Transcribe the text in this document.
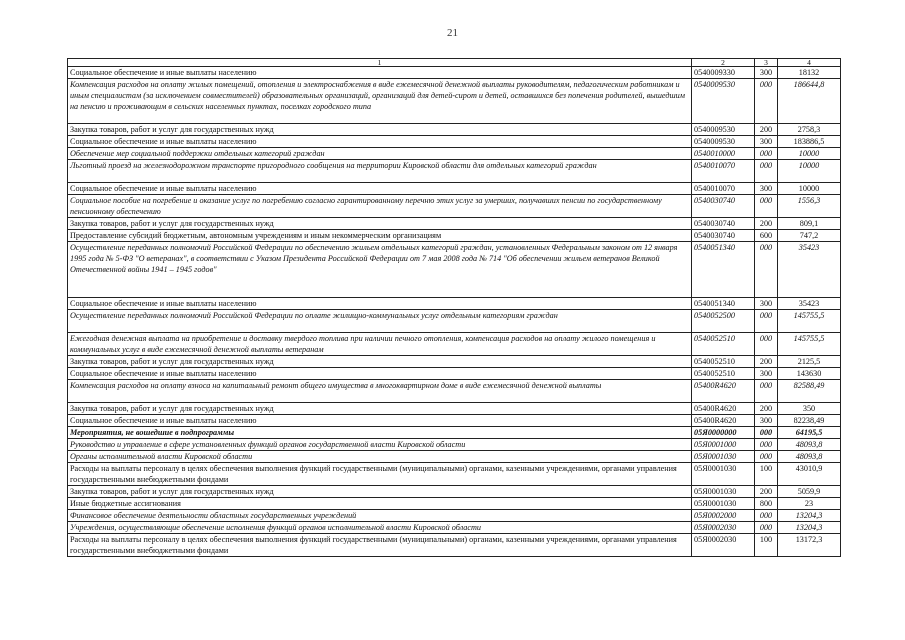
21
1	2	3	4
Социальное обеспечение и иные выплаты населению	0540009330	300	18132
Компенсация расходов на оплату жилых помещений, отопления и электроснабжения в виде ежемесячной денежной выплаты руководителям, педагогическим работникам и иным специалистам (за исключением совместителей) образовательных организаций, организаций для детей-сирот и детей, оставшихся без попечения родителей, вышедшим на пенсию и проживающим в сельских населенных пунктах, поселках городского типа	0540009530	000	186644,8
Закупка товаров, работ и услуг для государственных нужд	0540009530	200	2758,3
Социальное обеспечение и иные выплаты населению	0540009530	300	183886,5
Обеспечение мер социальной поддержки отдельных категорий граждан	0540010000	000	10000
Льготный проезд на железнодорожном транспорте пригородного сообщения на территории Кировской области для отдельных категорий граждан	0540010070	000	10000
Социальное обеспечение и иные выплаты населению	0540010070	300	10000
Социальное пособие на погребение и оказание услуг по погребению согласно гарантированному перечню этих услуг за умерших, получавших пенсии по государственному пенсионному обеспечению	0540030740	000	1556,3
Закупка товаров, работ и услуг для государственных нужд	0540030740	200	809,1
Предоставление субсидий бюджетным, автономным учреждениям и иным некоммерческим организациям	0540030740	600	747,2
Осуществление переданных полномочий Российской Федерации по обеспечению жильем отдельных категорий граждан, установленных Федеральным законом от 12 января 1995 года № 5-ФЗ "О ветеранах", в соответствии с Указом Президента Российской Федерации от 7 мая 2008 года № 714 "Об обеспечении жильем ветеранов Великой Отечественной войны 1941 – 1945 годов"	0540051340	000	35423
Социальное обеспечение и иные выплаты населению	0540051340	300	35423
Осуществление переданных полномочий Российской Федерации по оплате жилищно-коммунальных услуг отдельным категориям граждан	0540052500	000	145755,5
Ежегодная денежная выплата на приобретение и доставку твердого топлива при наличии печного отопления, компенсация расходов на оплату жилого помещения и коммунальных услуг в виде ежемесячной денежной выплаты ветеранам	0540052510	000	145755,5
Закупка товаров, работ и услуг для государственных нужд	0540052510	200	2125,5
Социальное обеспечение и иные выплаты населению	0540052510	300	143630
Компенсация расходов на оплату взноса на капитальный ремонт общего имущества в многоквартирном доме в виде ежемесячной денежной выплаты	05400R4620	000	82588,49
Закупка товаров, работ и услуг для государственных нужд	05400R4620	200	350
Социальное обеспечение и иные выплаты населению	05400R4620	300	82238,49
Мероприятия, не вошедшие в подпрограммы	05Я0000000	000	64195,5
Руководство и управление в сфере установленных функций органов государственной власти Кировской области	05Я0001000	000	48093,8
Органы исполнительной власти Кировской области	05Я0001030	000	48093,8
Расходы на выплаты персоналу в целях обеспечения выполнения функций государственными (муниципальными) органами, казенными учреждениями, органами управления государственными внебюджетными фондами	05Я0001030	100	43010,9
Закупка товаров, работ и услуг для государственных нужд	05Я0001030	200	5059,9
Иные бюджетные ассигнования	05Я0001030	800	23
Финансовое обеспечение деятельности областных государственных учреждений	05Я0002000	000	13204,3
Учреждения, осуществляющие обеспечение исполнения функций органов исполнительной власти Кировской области	05Я0002030	000	13204,3
Расходы на выплаты персоналу в целях обеспечения выполнения функций государственными (муниципальными) органами, казенными учреждениями, органами управления государственными внебюджетными фондами	05Я0002030	100	13172,3
